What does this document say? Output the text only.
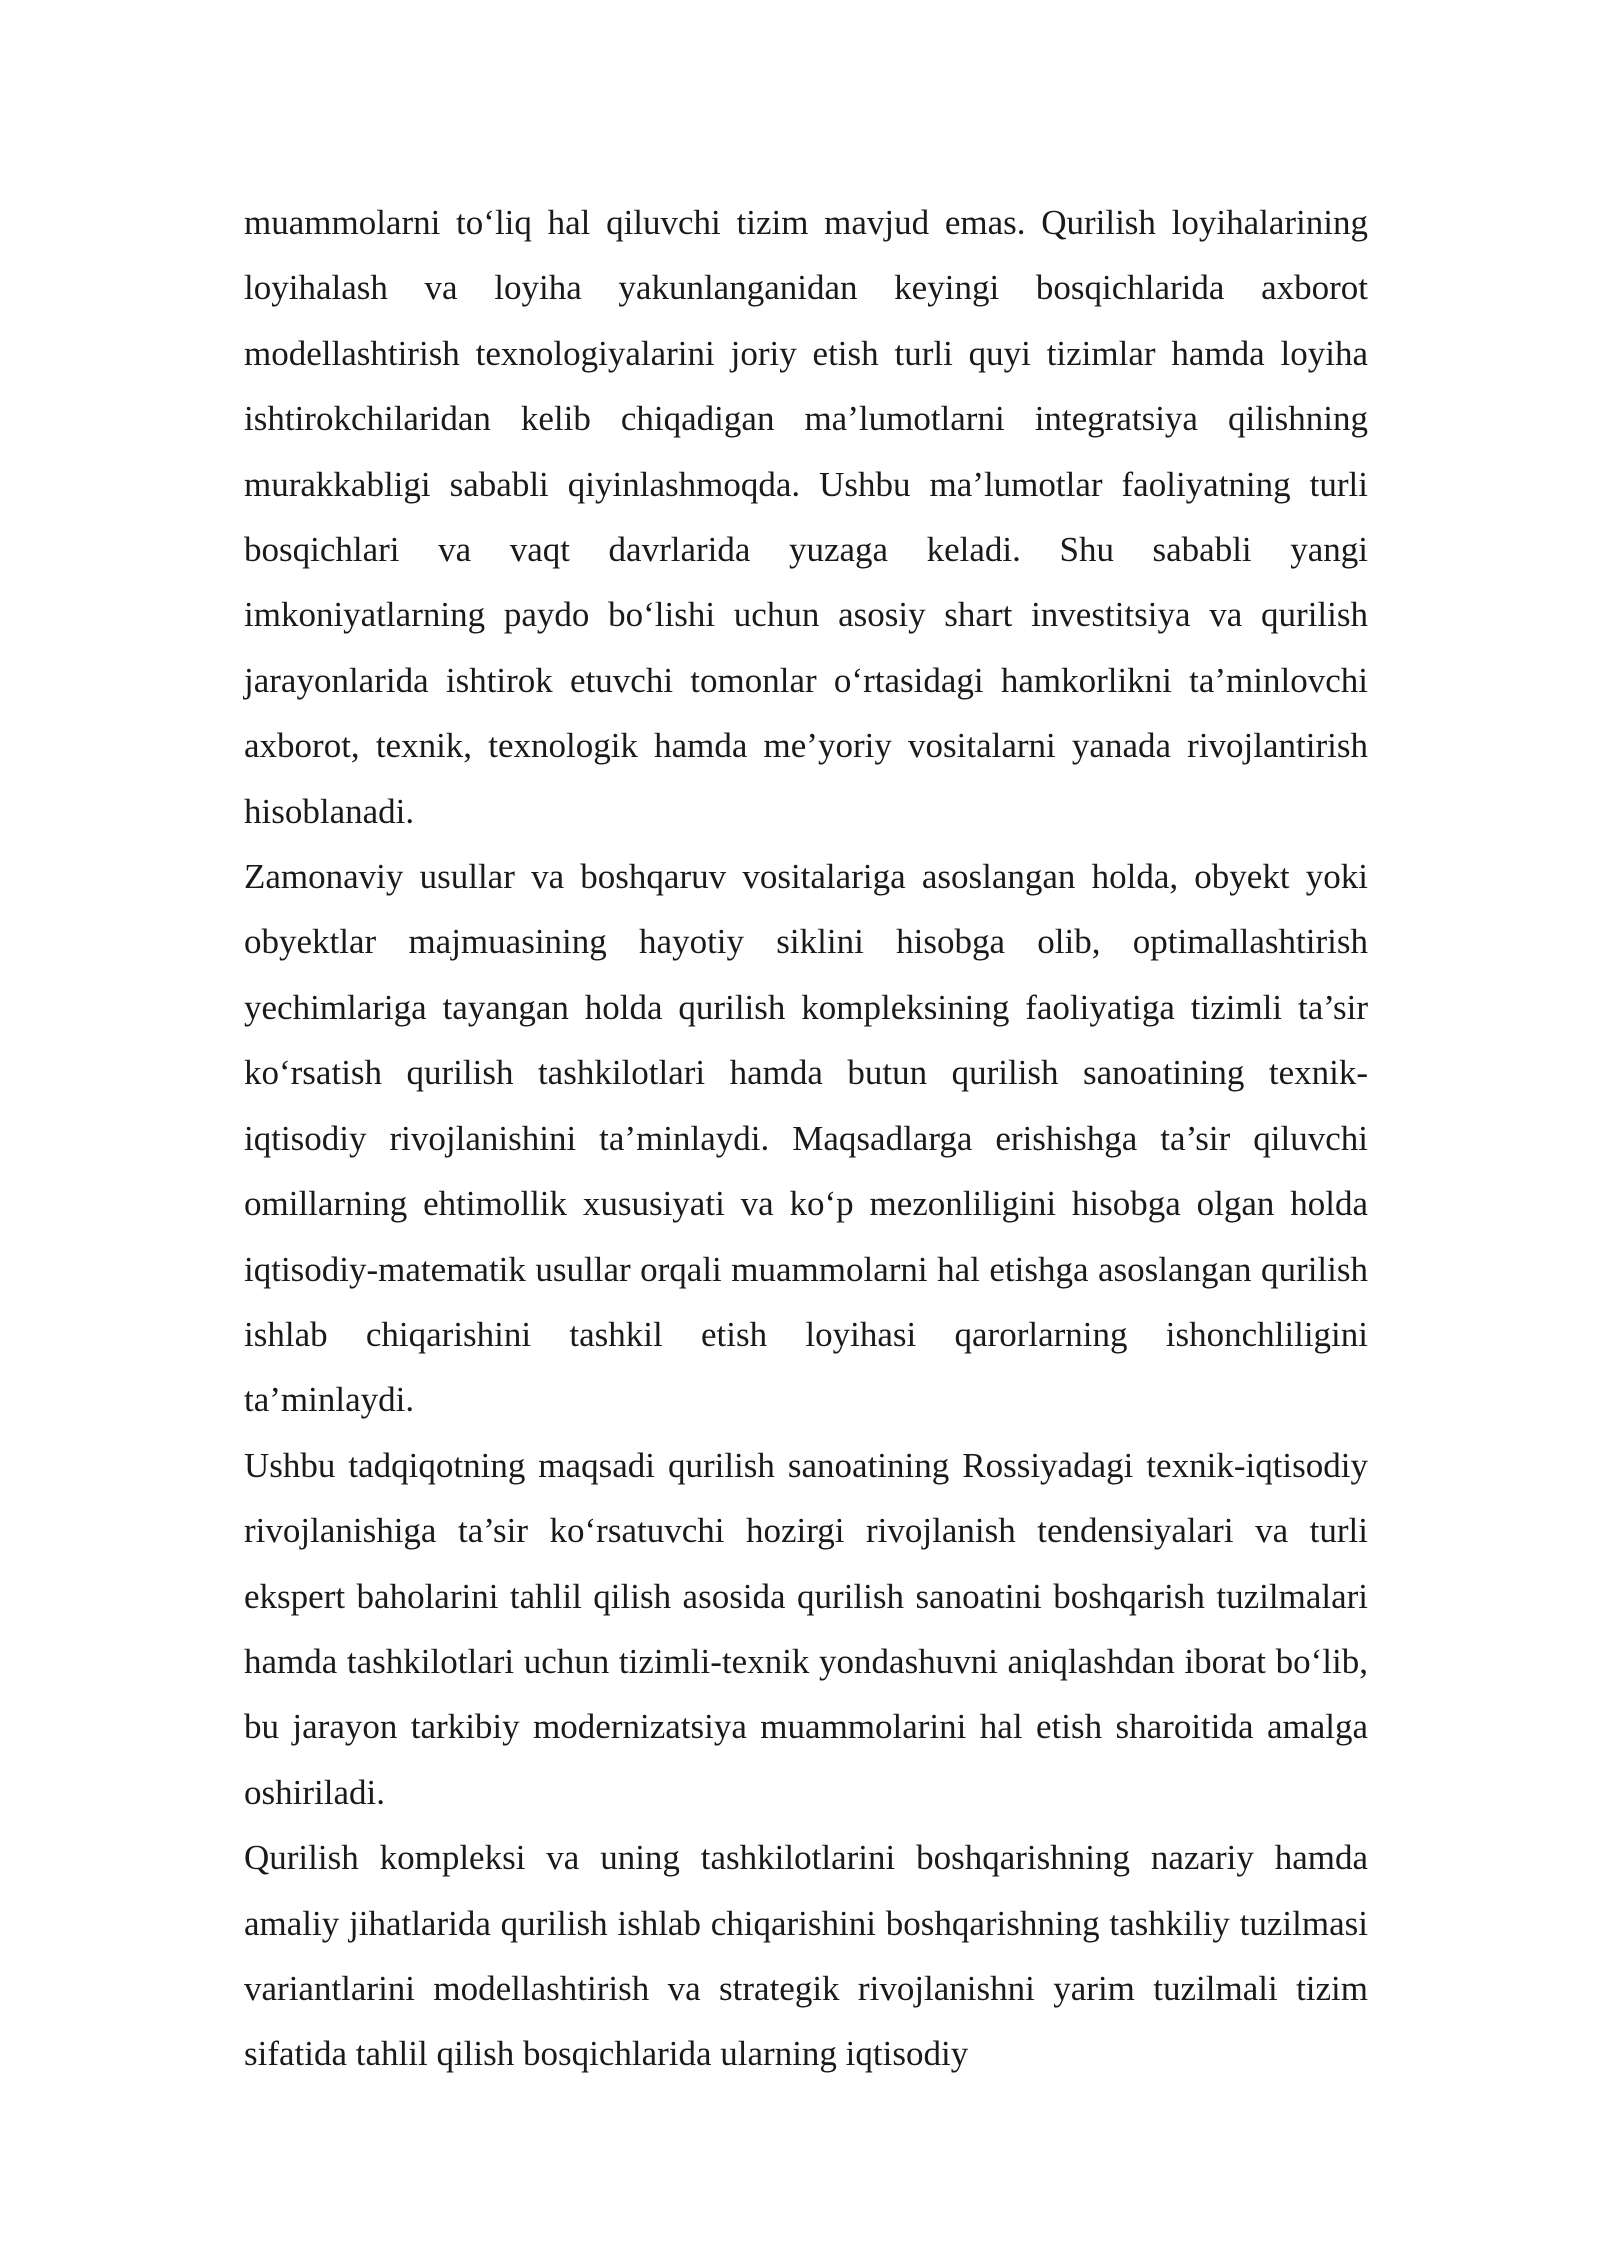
muammolarni to‘liq hal qiluvchi tizim mavjud emas. Qurilish loyihalarining loyihalash va loyiha yakunlanganidan keyingi bosqichlarida axborot modellashtirish texnologiyalarini joriy etish turli quyi tizimlar hamda loyiha ishtirokchilaridan kelib chiqadigan ma’lumotlarni integratsiya qilishning murakkabligi sababli qiyinlashmoqda. Ushbu ma’lumotlar faoliyatning turli bosqichlari va vaqt davrlarida yuzaga keladi. Shu sababli yangi imkoniyatlarning paydo bo‘lishi uchun asosiy shart investitsiya va qurilish jarayonlarida ishtirok etuvchi tomonlar o‘rtasidagi hamkorlikni ta’minlovchi axborot, texnik, texnologik hamda me’yoriy vositalarni yanada rivojlantirish hisoblanadi.

Zamonaviy usullar va boshqaruv vositalariga asoslangan holda, obyekt yoki obyektlar majmuasining hayotiy siklini hisobga olib, optimallashtirish yechimlariga tayangan holda qurilish kompleksining faoliyatiga tizimli ta’sir ko‘rsatish qurilish tashkilotlari hamda butun qurilish sanoatining texnik-iqtisodiy rivojlanishini ta’minlaydi. Maqsadlarga erishishga ta’sir qiluvchi omillarning ehtimollik xususiyati va ko‘p mezonliligini hisobga olgan holda iqtisodiy-matematik usullar orqali muammolarni hal etishga asoslangan qurilish ishlab chiqarishini tashkil etish loyihasi qarorlarning ishonchliligini ta’minlaydi.

Ushbu tadqiqotning maqsadi qurilish sanoatining Rossiyadagi texnik-iqtisodiy rivojlanishiga ta’sir ko‘rsatuvchi hozirgi rivojlanish tendensiyalari va turli ekspert baholarini tahlil qilish asosida qurilish sanoatini boshqarish tuzilmalari hamda tashkilotlari uchun tizimli-texnik yondashuvni aniqlashdan iborat bo‘lib, bu jarayon tarkibiy modernizatsiya muammolarini hal etish sharoitida amalga oshiriladi.

Qurilish kompleksi va uning tashkilotlarini boshqarishning nazariy hamda amaliy jihatlarida qurilish ishlab chiqarishini boshqarishning tashkiliy tuzilmasi variantlarini modellashtirish va strategik rivojlanishni yarim tuzilmali tizim sifatida tahlil qilish bosqichlarida ularning iqtisodiy
